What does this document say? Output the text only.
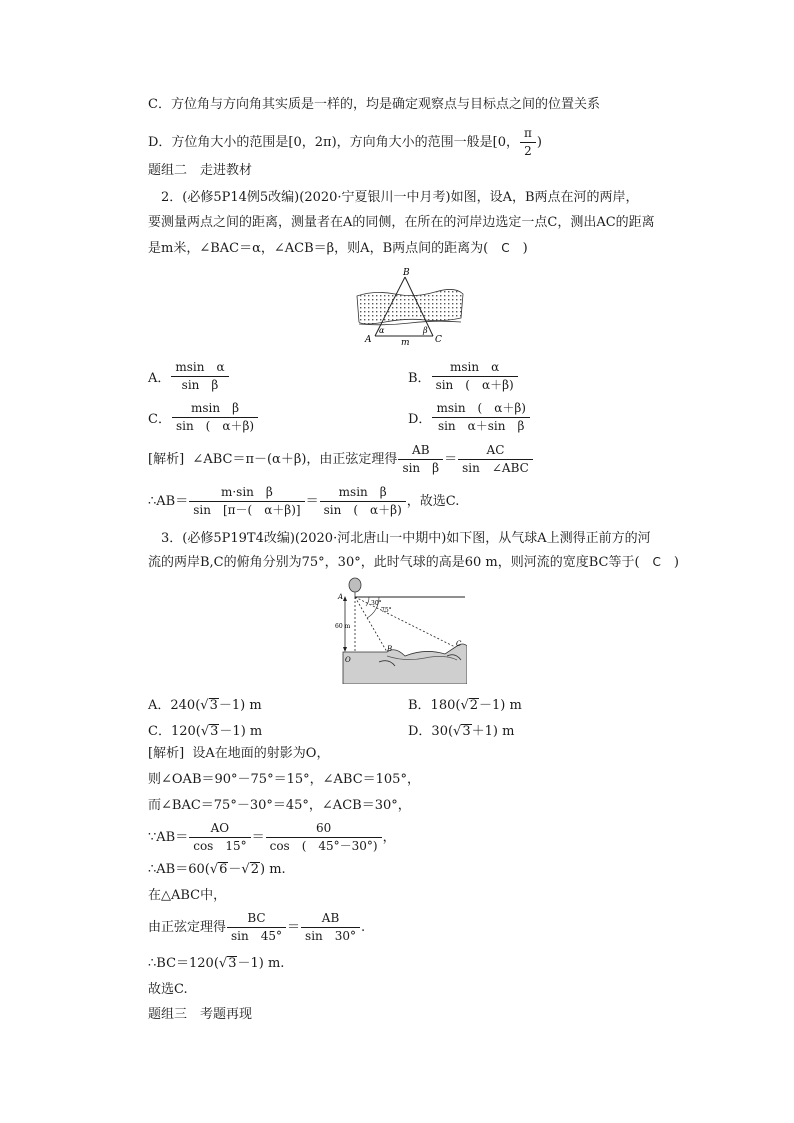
C．方位角与方向角其实质是一样的，均是确定观察点与目标点之间的位置关系
D．方位角大小的范围是[0，2π)，方向角大小的范围一般是[0， $\frac{\pi}{2}$ )
题组二　走进教材
2．(必修5P14例5改编)(2020·宁夏银川一中月考)如图，设A，B两点在河的两岸，
要测量两点之间的距离，测量者在A的同侧，在所在的河岸边选定一点C，测出AC的距离
是m米，∠BAC＝α，∠ACB＝β，则A，B两点间的距离为(　C　)
B
A	C
m
α	β
A． $\frac{\text{msin　α}}{\text{sin　β}}$	B． $\frac{\text{msin　α}}{\sin ( \alpha+\beta)}$
C． $\frac{\text{msin　β}}{\sin ( \alpha+\beta)}$	D． $\frac{msin ( \alpha+\beta)}{\text{sin　α＋sin　β}}$
[解析] ∠ABC＝π－(α＋β)，由正弦定理得 $\frac{AB}{\text{sin　β}}$ ＝
AC
sin　∠ABC
∴AB＝ $\frac{\text{m·sin　β}}{\sin [\pi-( \alpha+\beta)]} = \frac{\text{msin　β}}{\sin ( \alpha+\beta)}$ ，故选C.
3．(必修5P19T4改编)(2020·河北唐山一中期中)如下图，从气球A上测得正前方的河
流的两岸B,C的俯角分别为75°，30°，此时气球的高是60 m，则河流的宽度BC等于(　C　)
A
B
C
O
60 m
30°
75°
A．240(√3－1) m	B．180(√2－1) m
C．120(√3－1) m	D．30(√3＋1) m
[解析] 设A在地面的射影为O，
则∠OAB＝90°－75°＝15°，∠ABC＝105°，
而∠BAC＝75°－30°＝45°，∠ACB＝30°，
∵AB＝ $\frac{AO}{\cos 15^\circ} = \frac{60}{\cos ( 45^\circ-30^\circ)}$ ，
∴AB＝60(√6－√2) m.
在△ABC中，
由正弦定理得 $\frac{BC}{\sin 45^\circ} = \frac{AB}{\sin 30^\circ}$ .
∴BC＝120(√3－1) m.
故选C.
题组三　考题再现
